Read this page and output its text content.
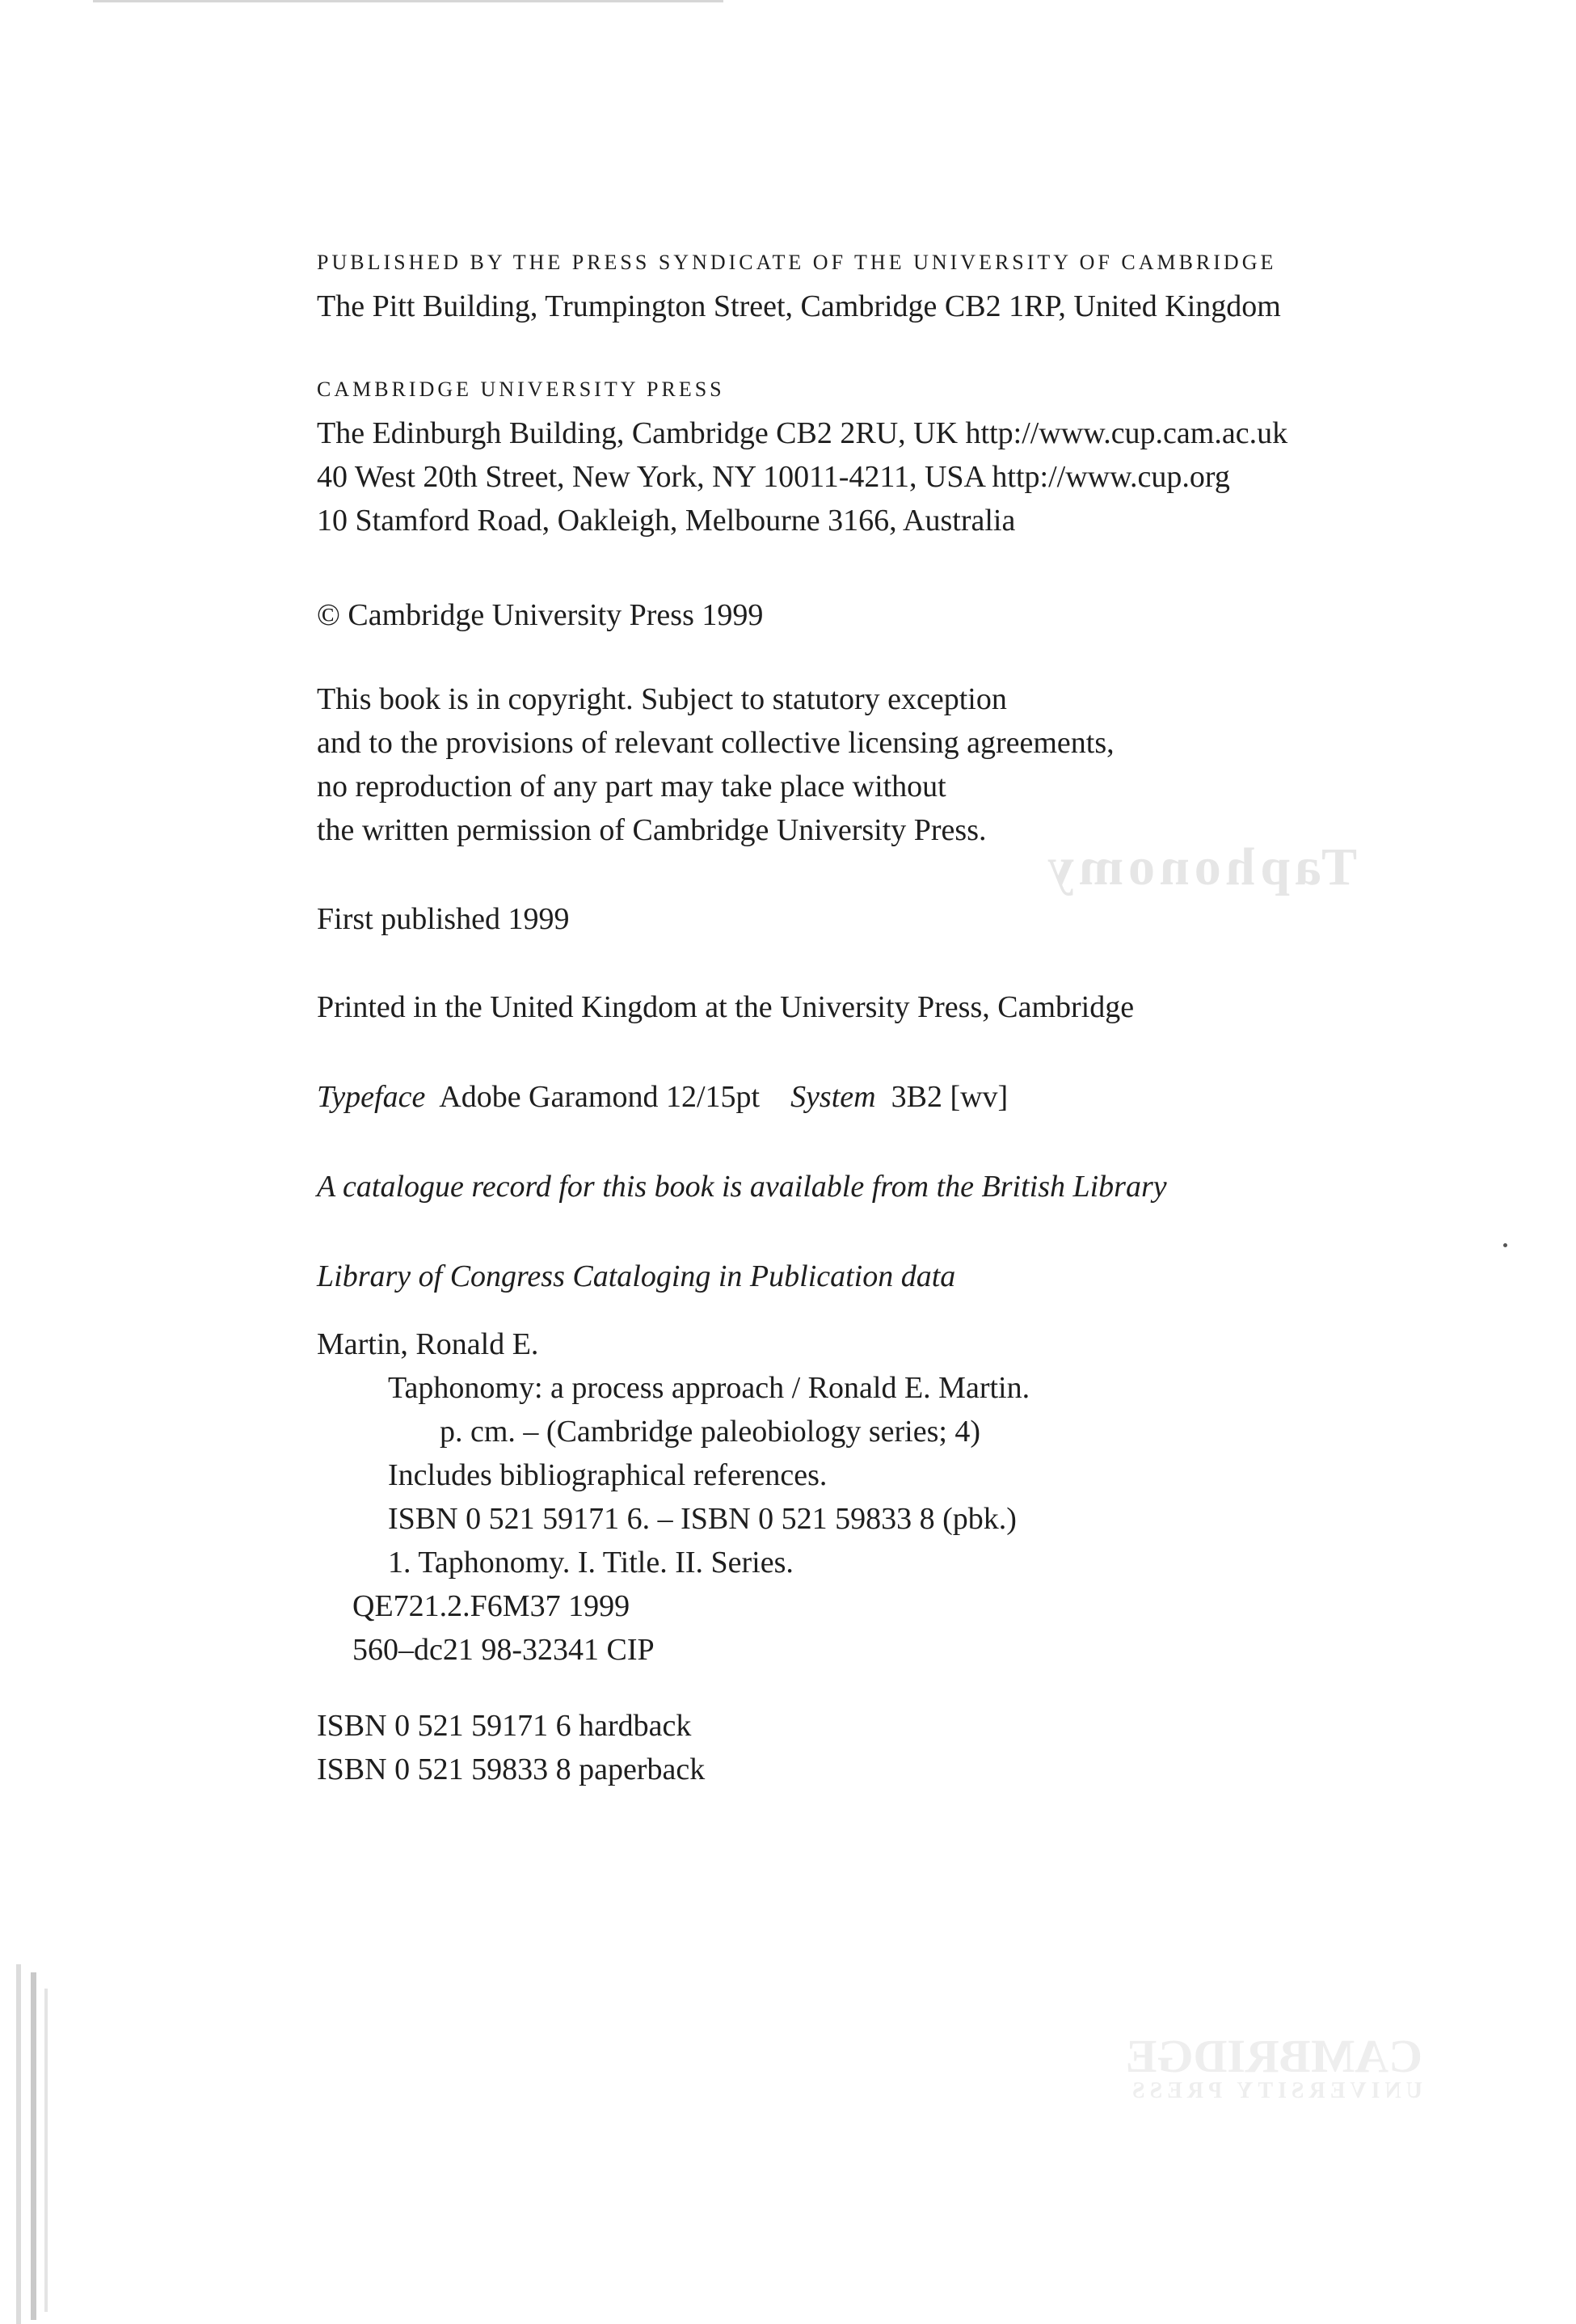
Taphonomy
PUBLISHED BY THE PRESS SYNDICATE OF THE UNIVERSITY OF CAMBRIDGE
The Pitt Building, Trumpington Street, Cambridge CB2 1RP, United Kingdom
CAMBRIDGE UNIVERSITY PRESS
The Edinburgh Building, Cambridge CB2 2RU, UK http://www.cup.cam.ac.uk
40 West 20th Street, New York, NY 10011-4211, USA http://www.cup.org
10 Stamford Road, Oakleigh, Melbourne 3166, Australia
© Cambridge University Press 1999
This book is in copyright. Subject to statutory exception
and to the provisions of relevant collective licensing agreements,
no reproduction of any part may take place without
the written permission of Cambridge University Press.
First published 1999
Printed in the United Kingdom at the University Press, Cambridge
Typeface Adobe Garamond 12/15pt System 3B2 [wv]
A catalogue record for this book is available from the British Library
Library of Congress Cataloging in Publication data
Martin, Ronald E.
Taphonomy: a process approach / Ronald E. Martin.
p. cm. – (Cambridge paleobiology series; 4)
Includes bibliographical references.
ISBN 0 521 59171 6. – ISBN 0 521 59833 8 (pbk.)
1. Taphonomy. I. Title. II. Series.
QE721.2.F6M37 1999
560–dc21 98-32341 CIP
ISBN 0 521 59171 6 hardback
ISBN 0 521 59833 8 paperback
CAMBRIDGE
UNIVERSITY PRESS
